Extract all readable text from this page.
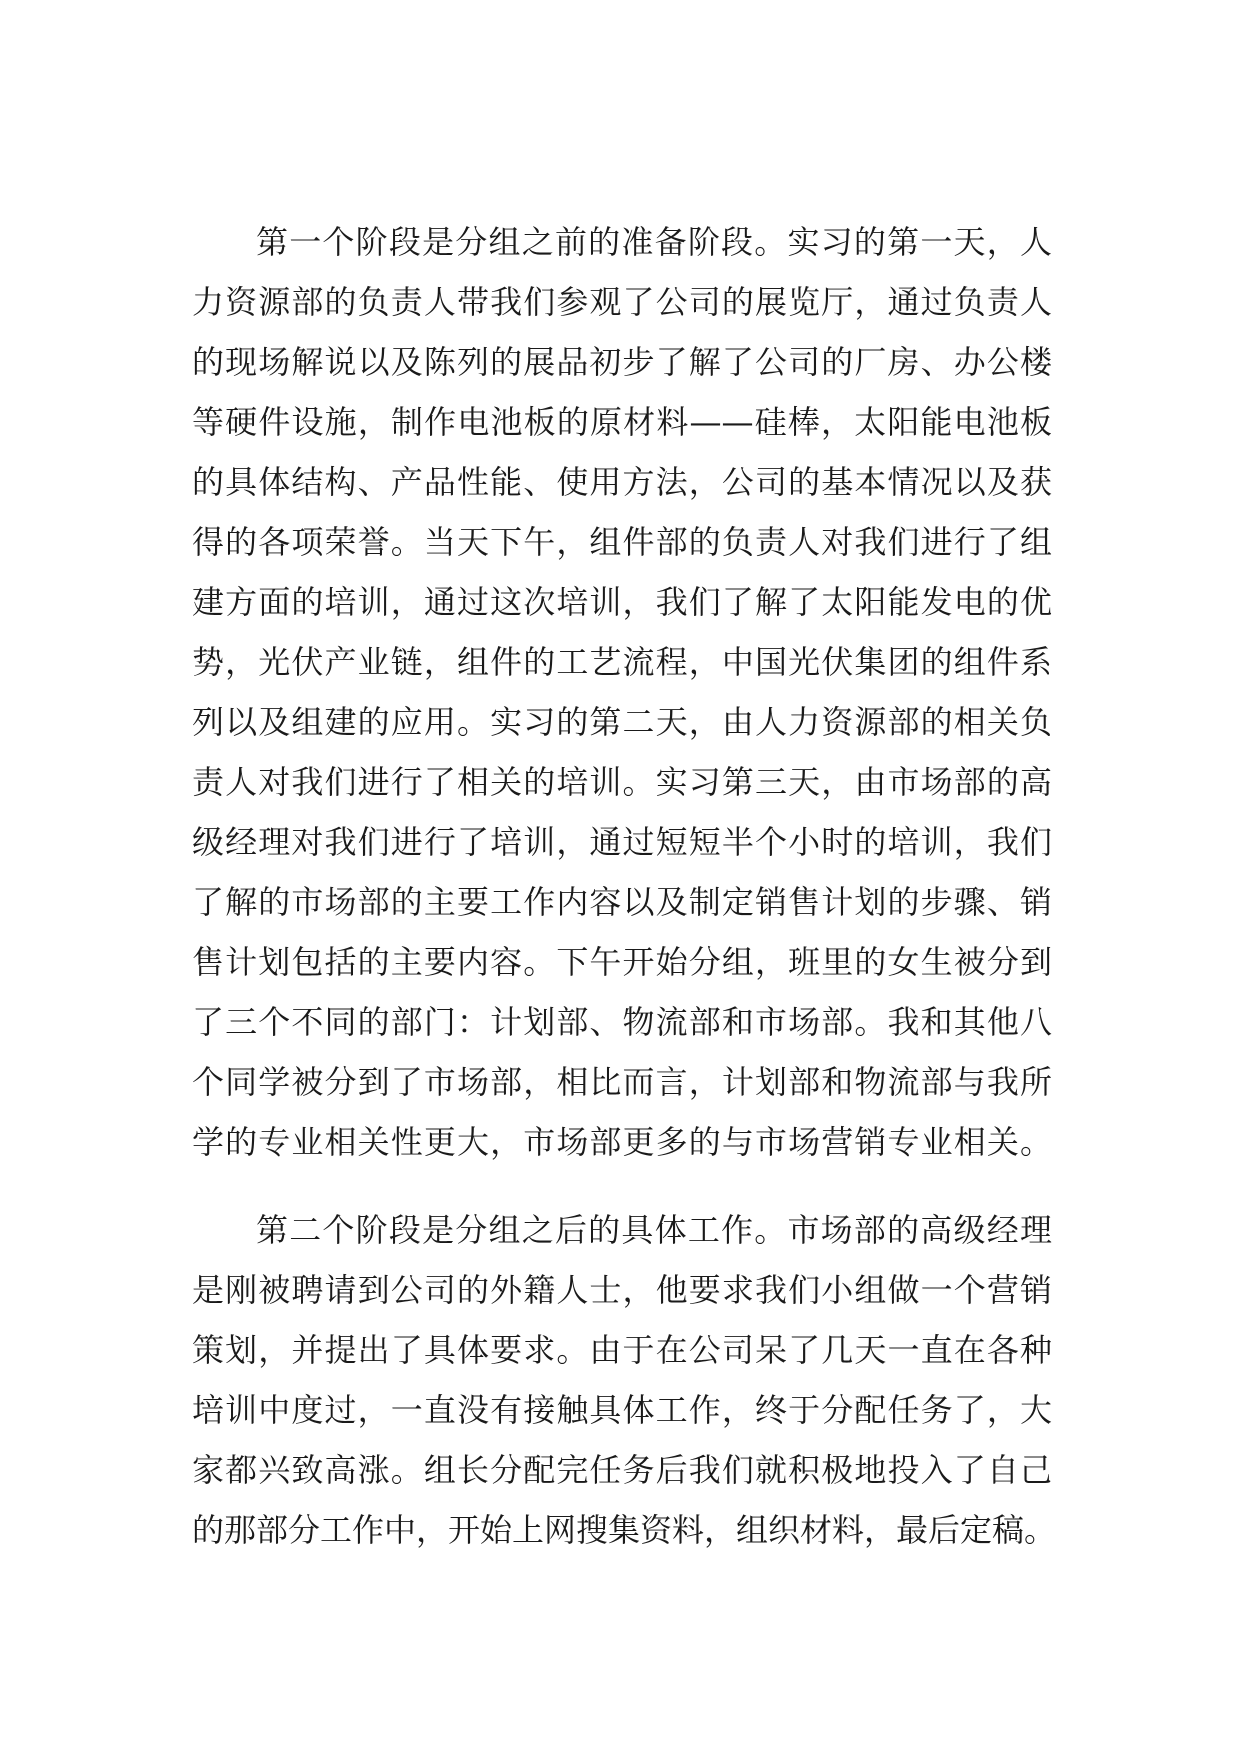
第一个阶段是分组之前的准备阶段。实习的第一天，人
力资源部的负责人带我们参观了公司的展览厅，通过负责人
的现场解说以及陈列的展品初步了解了公司的厂房、办公楼
等硬件设施，制作电池板的原材料——硅棒，太阳能电池板
的具体结构、产品性能、使用方法，公司的基本情况以及获
得的各项荣誉。当天下午，组件部的负责人对我们进行了组
建方面的培训，通过这次培训，我们了解了太阳能发电的优
势，光伏产业链，组件的工艺流程，中国光伏集团的组件系
列以及组建的应用。实习的第二天，由人力资源部的相关负
责人对我们进行了相关的培训。实习第三天，由市场部的高
级经理对我们进行了培训，通过短短半个小时的培训，我们
了解的市场部的主要工作内容以及制定销售计划的步骤、销
售计划包括的主要内容。下午开始分组，班里的女生被分到
了三个不同的部门：计划部、物流部和市场部。我和其他八
个同学被分到了市场部，相比而言，计划部和物流部与我所
学的专业相关性更大，市场部更多的与市场营销专业相关。
第二个阶段是分组之后的具体工作。市场部的高级经理
是刚被聘请到公司的外籍人士，他要求我们小组做一个营销
策划，并提出了具体要求。由于在公司呆了几天一直在各种
培训中度过，一直没有接触具体工作，终于分配任务了，大
家都兴致高涨。组长分配完任务后我们就积极地投入了自己
的那部分工作中，开始上网搜集资料，组织材料，最后定稿。
